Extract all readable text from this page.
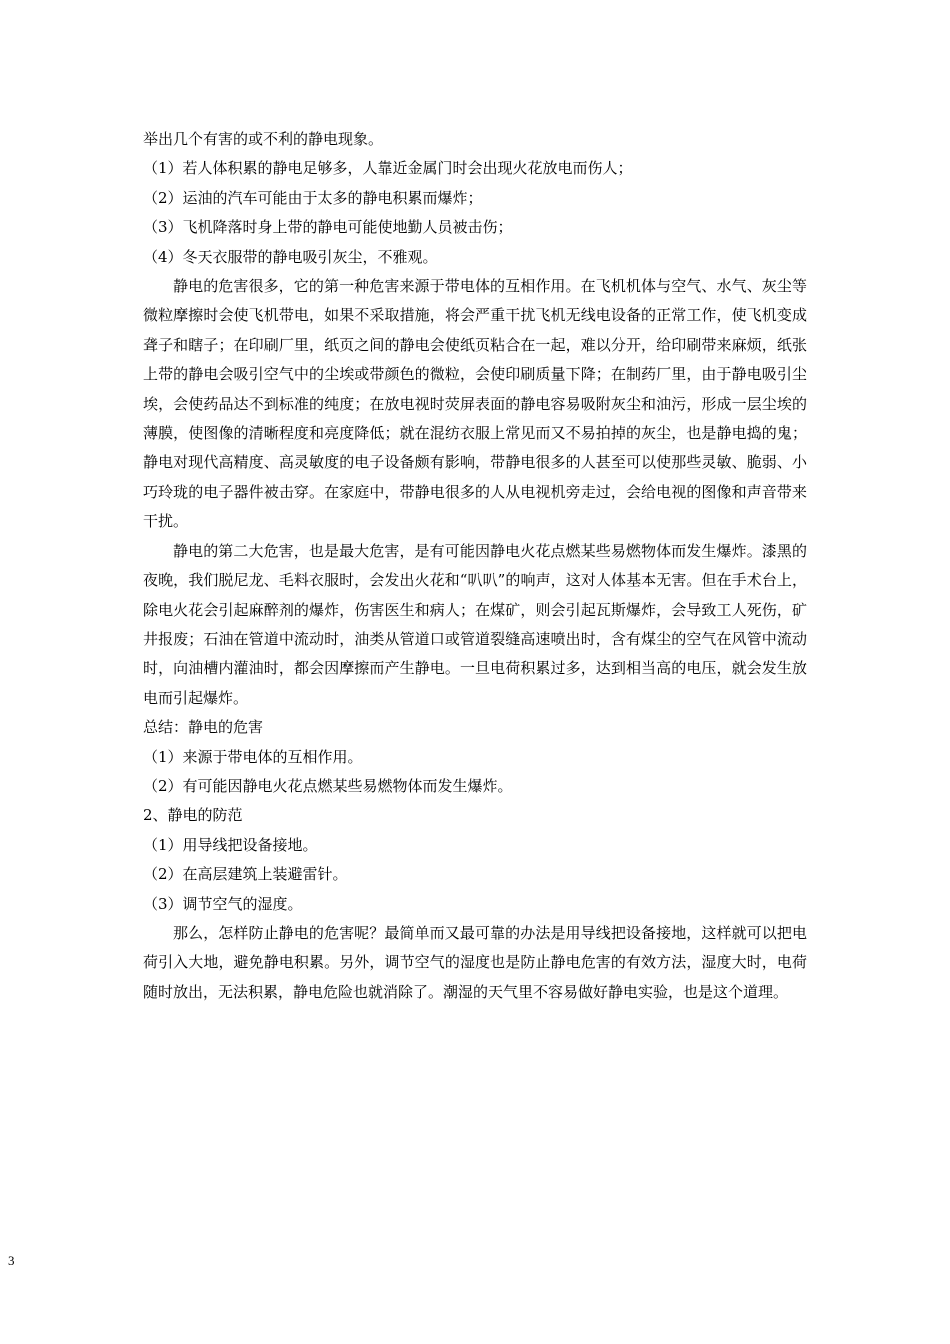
举出几个有害的或不利的静电现象。

（1）若人体积累的静电足够多，人靠近金属门时会出现火花放电而伤人；

（2）运油的汽车可能由于太多的静电积累而爆炸；

（3）飞机降落时身上带的静电可能使地勤人员被击伤；

（4）冬天衣服带的静电吸引灰尘，不雅观。

静电的危害很多，它的第一种危害来源于带电体的互相作用。在飞机机体与空气、水气、灰尘等微粒摩擦时会使飞机带电，如果不采取措施，将会严重干扰飞机无线电设备的正常工作，使飞机变成聋子和瞎子；在印刷厂里，纸页之间的静电会使纸页粘合在一起，难以分开，给印刷带来麻烦，纸张上带的静电会吸引空气中的尘埃或带颜色的微粒，会使印刷质量下降；在制药厂里，由于静电吸引尘埃，会使药品达不到标准的纯度；在放电视时荧屏表面的静电容易吸附灰尘和油污，形成一层尘埃的薄膜，使图像的清晰程度和亮度降低；就在混纺衣服上常见而又不易拍掉的灰尘，也是静电捣的鬼；静电对现代高精度、高灵敏度的电子设备颇有影响，带静电很多的人甚至可以使那些灵敏、脆弱、小巧玲珑的电子器件被击穿。在家庭中，带静电很多的人从电视机旁走过，会给电视的图像和声音带来干扰。

静电的第二大危害，也是最大危害，是有可能因静电火花点燃某些易燃物体而发生爆炸。漆黑的夜晚，我们脱尼龙、毛料衣服时，会发出火花和“叭叭”的响声，这对人体基本无害。但在手术台上，除电火花会引起麻醉剂的爆炸，伤害医生和病人；在煤矿，则会引起瓦斯爆炸，会导致工人死伤，矿井报废；石油在管道中流动时，油类从管道口或管道裂缝高速喷出时，含有煤尘的空气在风管中流动时，向油槽内灌油时，都会因摩擦而产生静电。一旦电荷积累过多，达到相当高的电压，就会发生放电而引起爆炸。

总结：静电的危害

（1）来源于带电体的互相作用。

（2）有可能因静电火花点燃某些易燃物体而发生爆炸。

2、静电的防范

（1）用导线把设备接地。

（2）在高层建筑上装避雷针。

（3）调节空气的湿度。

那么，怎样防止静电的危害呢？最简单而又最可靠的办法是用导线把设备接地，这样就可以把电荷引入大地，避免静电积累。另外，调节空气的湿度也是防止静电危害的有效方法，湿度大时，电荷随时放出，无法积累，静电危险也就消除了。潮湿的天气里不容易做好静电实验，也是这个道理。

3
